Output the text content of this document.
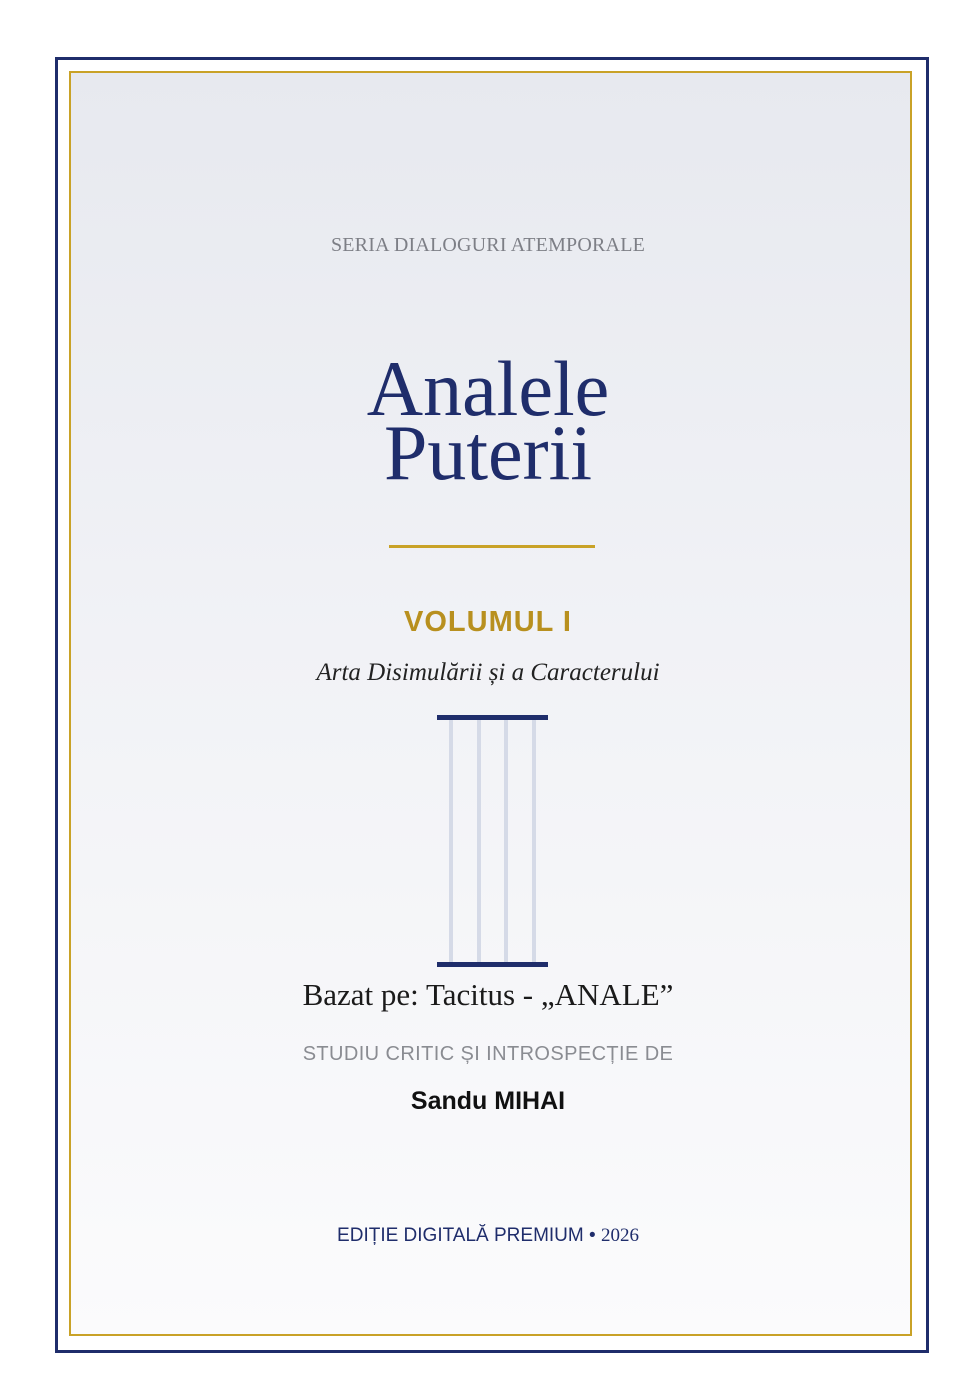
SERIA DIALOGURI ATEMPORALE
Analele
Puterii
VOLUMUL I
Arta Disimulării și a Caracterului
Bazat pe: Tacitus - „ANALE”
STUDIU CRITIC ȘI INTROSPECȚIE DE
Sandu MIHAI
EDIȚIE DIGITALĂ PREMIUM • 2026
